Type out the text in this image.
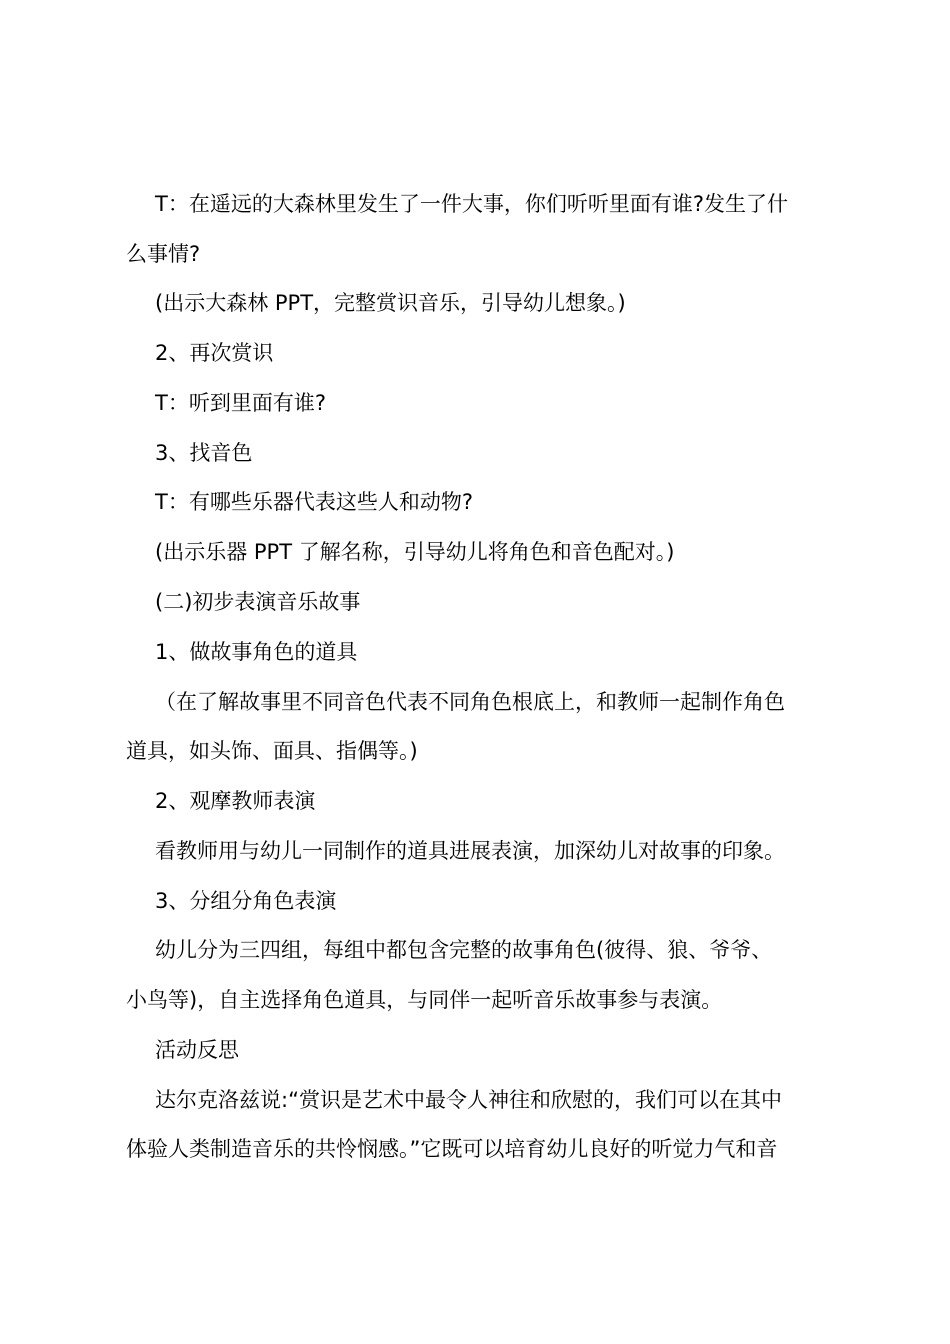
T：在遥远的大森林里发生了一件大事，你们听听里面有谁?发生了什
么事情?
(出示大森林 PPT，完整赏识音乐，引导幼儿想象。)
2、再次赏识
T：听到里面有谁?
3、找音色
T：有哪些乐器代表这些人和动物?
(出示乐器 PPT 了解名称，引导幼儿将角色和音色配对。)
(二)初步表演音乐故事
1、做故事角色的道具
（在了解故事里不同音色代表不同角色根底上，和教师一起制作角色
道具，如头饰、面具、指偶等。)
2、观摩教师表演
看教师用与幼儿一同制作的道具进展表演，加深幼儿对故事的印象。
3、分组分角色表演
幼儿分为三四组，每组中都包含完整的故事角色(彼得、狼、爷爷、
小鸟等)，自主选择角色道具，与同伴一起听音乐故事参与表演。
活动反思
达尔克洛兹说:“赏识是艺术中最令人神往和欣慰的，我们可以在其中
体验人类制造音乐的共怜悯感。”它既可以培育幼儿良好的听觉力气和音
